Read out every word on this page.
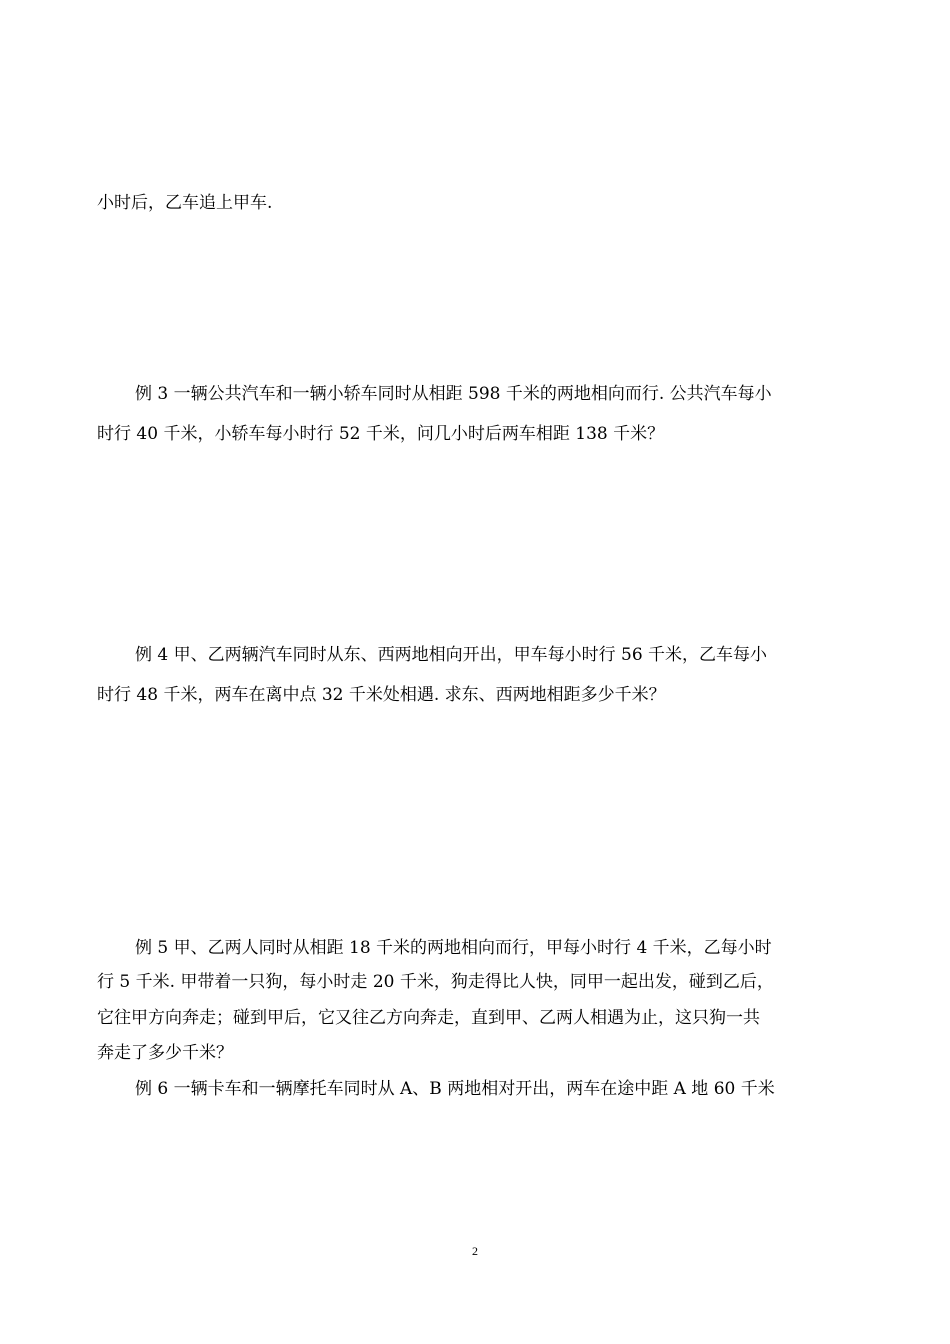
小时后，乙车追上甲车.
例 3 一辆公共汽车和一辆小轿车同时从相距 598 千米的两地相向而行. 公共汽车每小
时行 40 千米，小轿车每小时行 52 千米，问几小时后两车相距 138 千米？
例 4 甲、乙两辆汽车同时从东、西两地相向开出，甲车每小时行 56 千米，乙车每小
时行 48 千米，两车在离中点 32 千米处相遇. 求东、西两地相距多少千米？
例 5 甲、乙两人同时从相距 18 千米的两地相向而行，甲每小时行 4 千米，乙每小时
行 5 千米. 甲带着一只狗，每小时走 20 千米，狗走得比人快，同甲一起出发，碰到乙后，
它往甲方向奔走；碰到甲后，它又往乙方向奔走，直到甲、乙两人相遇为止，这只狗一共
奔走了多少千米？
例 6 一辆卡车和一辆摩托车同时从 A、B 两地相对开出，两车在途中距 A 地 60 千米
2
